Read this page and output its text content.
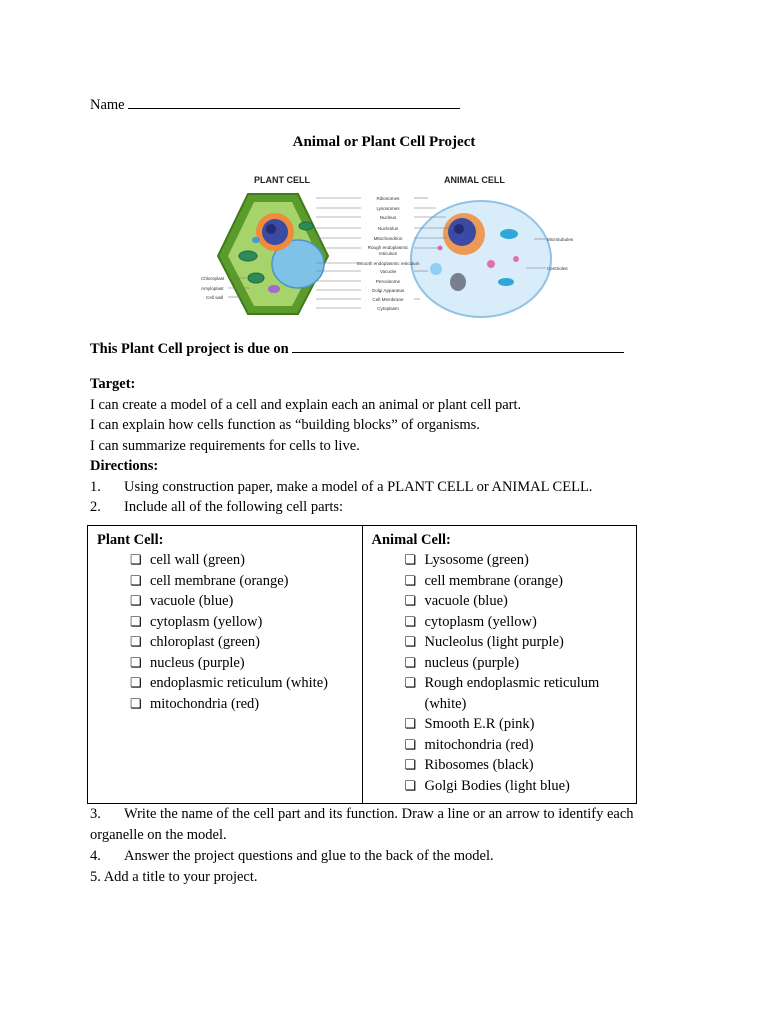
Name
Animal or Plant Cell Project
PLANT CELL	ANIMAL CELL
Ribosomes
Lysosomes
Nucleus
Nucleolus
Mitochondrion
Rough endoplasmic
reticulum
Smooth endoplasmic reticulum
Vacuole
Peroxisome
Golgi Apparatus
Cell Membrane
Cytoplasm
Chloroplast
Amyloplast
Cell wall
Microtubules
Centrioles
This Plant Cell project is due on
Target:
I can create a model of a cell and explain each an animal or plant cell part.
I can explain how cells function as “building blocks” of organisms.
I can summarize requirements for cells to live.
Directions:
1. Using construction paper, make a model of a PLANT CELL or ANIMAL CELL.
2. Include all of the following cell parts:
Plant Cell:
❏ cell wall (green)
❏ cell membrane (orange)
❏ vacuole (blue)
❏ cytoplasm (yellow)
❏ chloroplast (green)
❏ nucleus (purple)
❏ endoplasmic reticulum (white)
❏ mitochondria (red)

Animal Cell:
❏ Lysosome (green)
❏ cell membrane (orange)
❏ vacuole (blue)
❏ cytoplasm (yellow)
❏ Nucleolus (light purple)
❏ nucleus (purple)
❏ Rough endoplasmic reticulum (white)
❏ Smooth E.R (pink)
❏ mitochondria (red)
❏ Ribosomes (black)
❏ Golgi Bodies (light blue)
3. Write the name of the cell part and its function. Draw a line or an arrow to identify each
organelle on the model.
4. Answer the project questions and glue to the back of the model.
5. Add a title to your project.
